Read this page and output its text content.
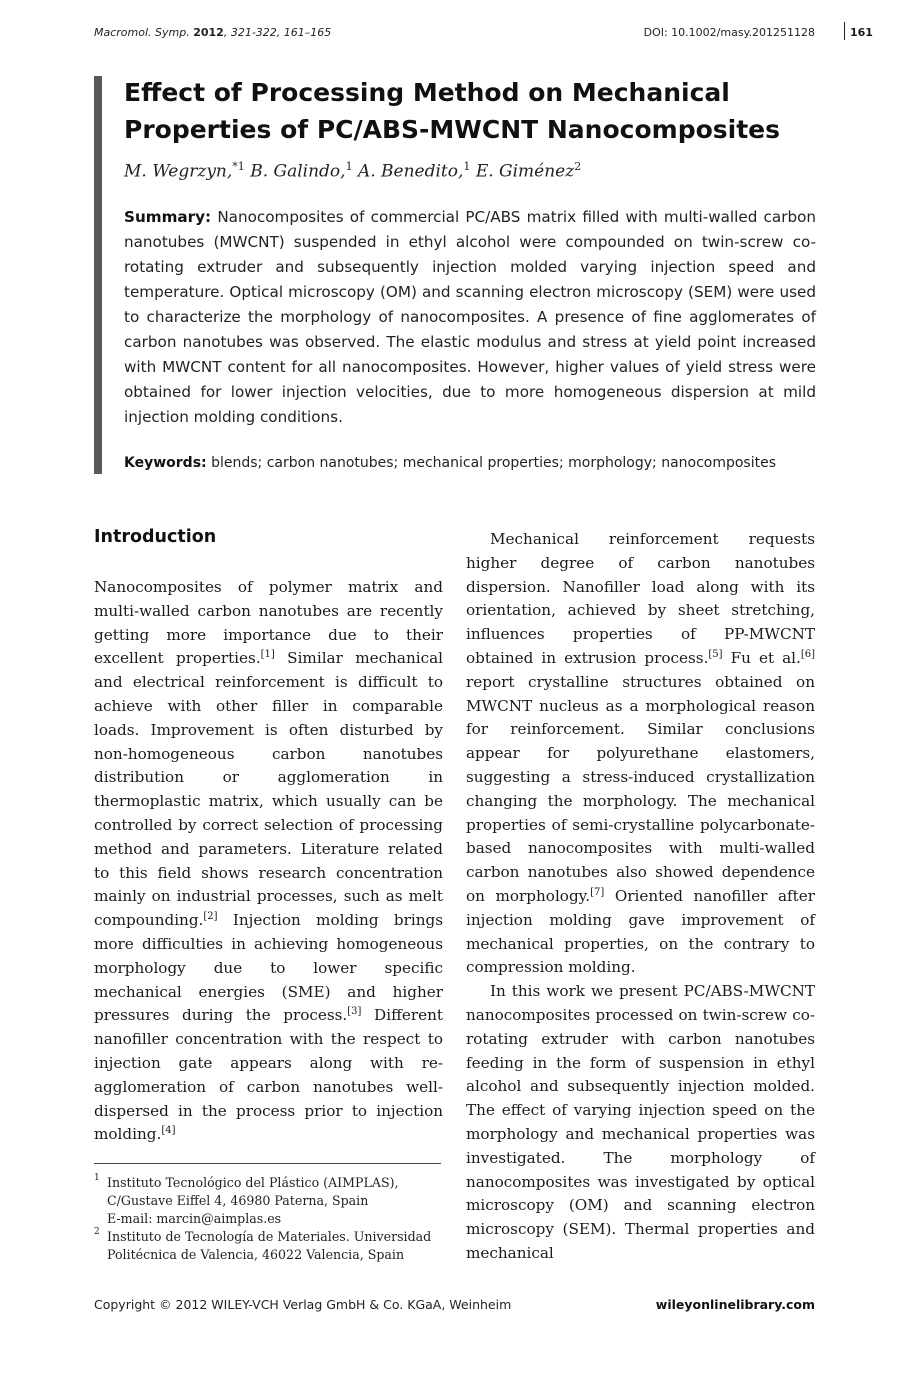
Macromol. Symp. 2012, 321-322, 161–165	DOI: 10.1002/masy.201251128	161
Effect of Processing Method on Mechanical Properties of PC/ABS-MWCNT Nanocomposites
M. Wegrzyn,$^{*1}$ B. Galindo,$^1$ A. Benedito,$^1$ E. Giménez$^2$

Summary: Nanocomposites of commercial PC/ABS matrix filled with multi-walled carbon nanotubes (MWCNT) suspended in ethyl alcohol were compounded on twin-screw co-rotating extruder and subsequently injection molded varying injection speed and temperature. Optical microscopy (OM) and scanning electron microscopy (SEM) were used to characterize the morphology of nanocomposites. A presence of fine agglomerates of carbon nanotubes was observed. The elastic modulus and stress at yield point increased with MWCNT content for all nanocomposites. However, higher values of yield stress were obtained for lower injection velocities, due to more homogeneous dispersion at mild injection molding conditions.

Keywords: blends; carbon nanotubes; mechanical properties; morphology; nanocomposites
Introduction

Nanocomposites of polymer matrix and multi-walled carbon nanotubes are recently getting more importance due to their excellent properties.[1] Similar mechanical and electrical reinforcement is difficult to achieve with other filler in comparable loads. Improvement is often disturbed by non-homogeneous carbon nanotubes distribution or agglomeration in thermoplastic matrix, which usually can be controlled by correct selection of processing method and parameters. Literature related to this field shows research concentration mainly on industrial processes, such as melt compounding.[2] Injection molding brings more difficulties in achieving homogeneous morphology due to lower specific mechanical energies (SME) and higher pressures during the process.[3] Different nanofiller concentration with the respect to injection gate appears along with re-agglomeration of carbon nanotubes well-dispersed in the process prior to injection molding.[4]

Mechanical reinforcement requests higher degree of carbon nanotubes dispersion. Nanofiller load along with its orientation, achieved by sheet stretching, influences properties of PP-MWCNT obtained in extrusion process.[5] Fu et al.[6] report crystalline structures obtained on MWCNT nucleus as a morphological reason for reinforcement. Similar conclusions appear for polyurethane elastomers, suggesting a stress-induced crystallization changing the morphology. The mechanical properties of semi-crystalline polycarbonate-based nanocomposites with multi-walled carbon nanotubes also showed dependence on morphology.[7] Oriented nanofiller after injection molding gave improvement of mechanical properties, on the contrary to compression molding.

In this work we present PC/ABS-MWCNT nanocomposites processed on twin-screw co-rotating extruder with carbon nanotubes feeding in the form of suspension in ethyl alcohol and subsequently injection molded. The effect of varying injection speed on the morphology and mechanical properties was investigated. The morphology of nanocomposites was investigated by optical microscopy (OM) and scanning electron microscopy (SEM). Thermal properties and mechanical

1 Instituto Tecnológico del Plástico (AIMPLAS), C/Gustave Eiffel 4, 46980 Paterna, Spain
E-mail: marcin@aimplas.es
2 Instituto de Tecnología de Materiales. Universidad Politécnica de Valencia, 46022 Valencia, Spain
Copyright © 2012 WILEY-VCH Verlag GmbH & Co. KGaA, Weinheim	wileyonlinelibrary.com
